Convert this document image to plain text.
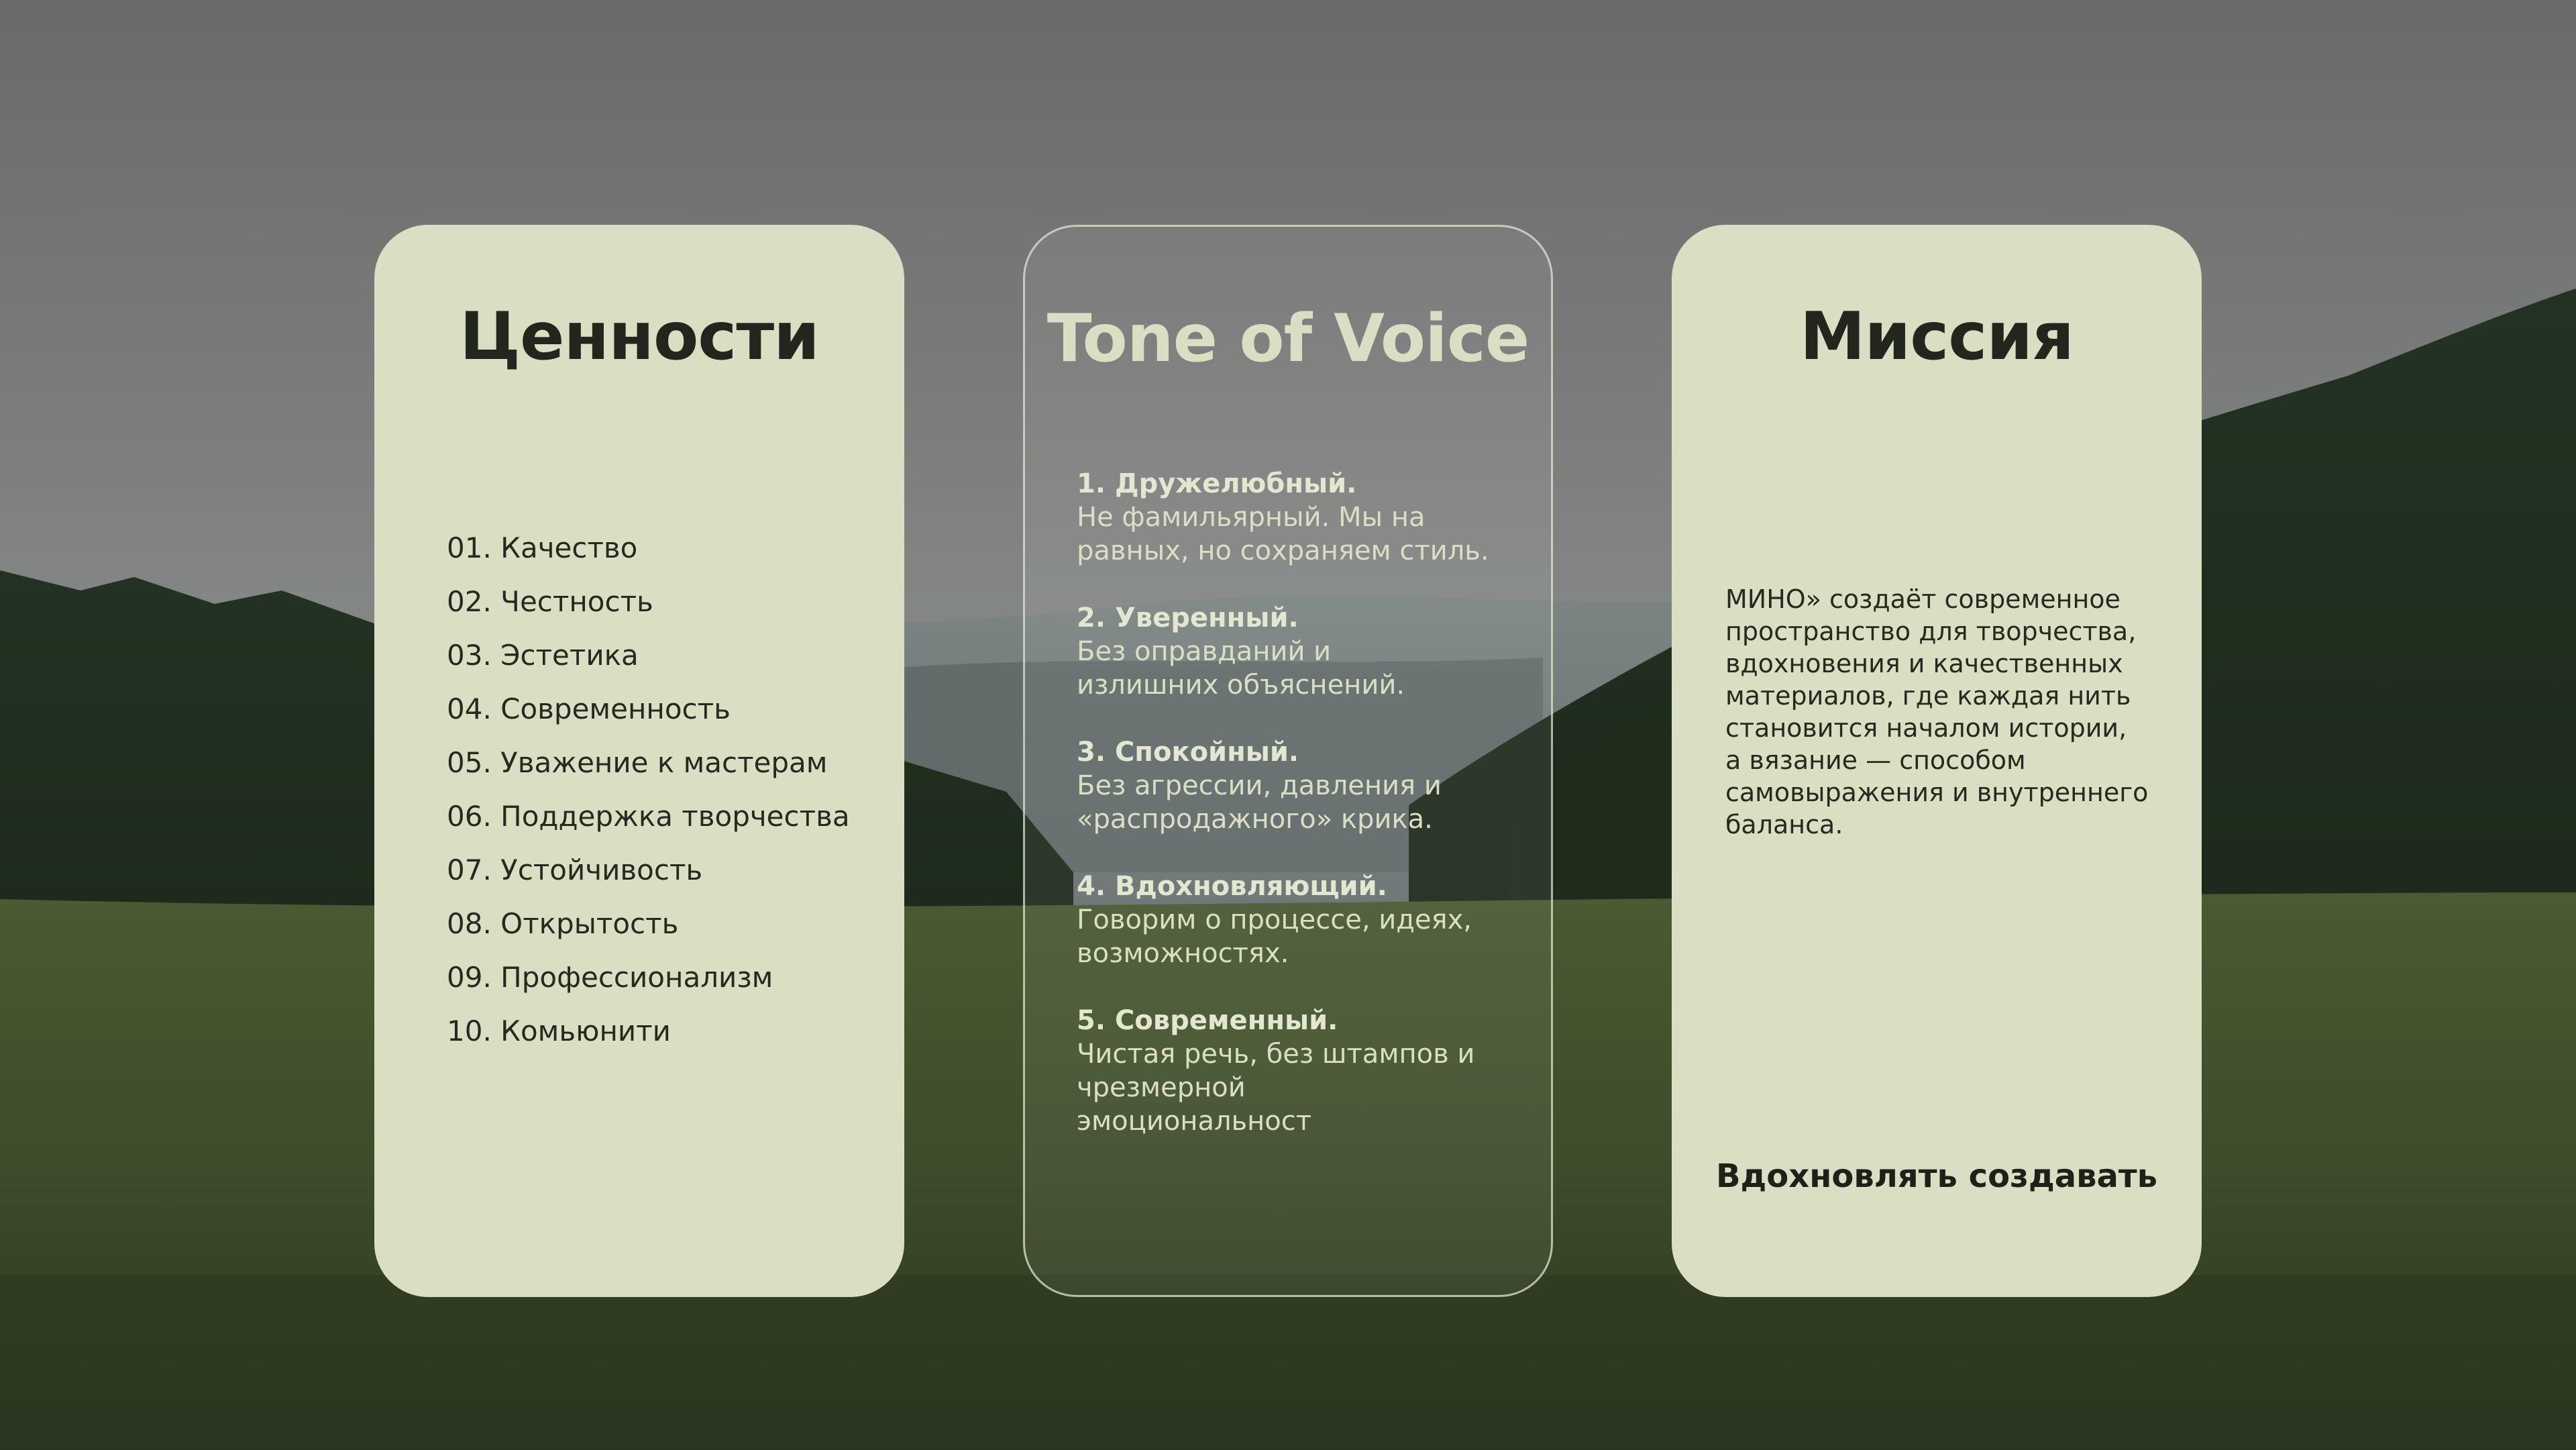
Ценности
01. Качество
02. Честность
03. Эстетика
04. Современность
05. Уважение к мастерам
06. Поддержка творчества
07. Устойчивость
08. Открытость
09. Профессионализм
10. Комьюнити
Tone of Voice
1. Дружелюбный.
Не фамильярный. Мы на
равных, но сохраняем стиль.
2. Уверенный.
Без оправданий и
излишних объяснений.
3. Спокойный.
Без агрессии, давления и
«распродажного» крика.
4. Вдохновляющий.
Говорим о процессе, идеях,
возможностях.
5. Современный.
Чистая речь, без штампов и
чрезмерной
эмоциональност
Миссия

МИНО» создаёт современное
пространство для творчества,
вдохновения и качественных
материалов, где каждая нить
становится началом истории,
а вязание — способом
самовыражения и внутреннего
баланса.

Вдохновлять создавать
